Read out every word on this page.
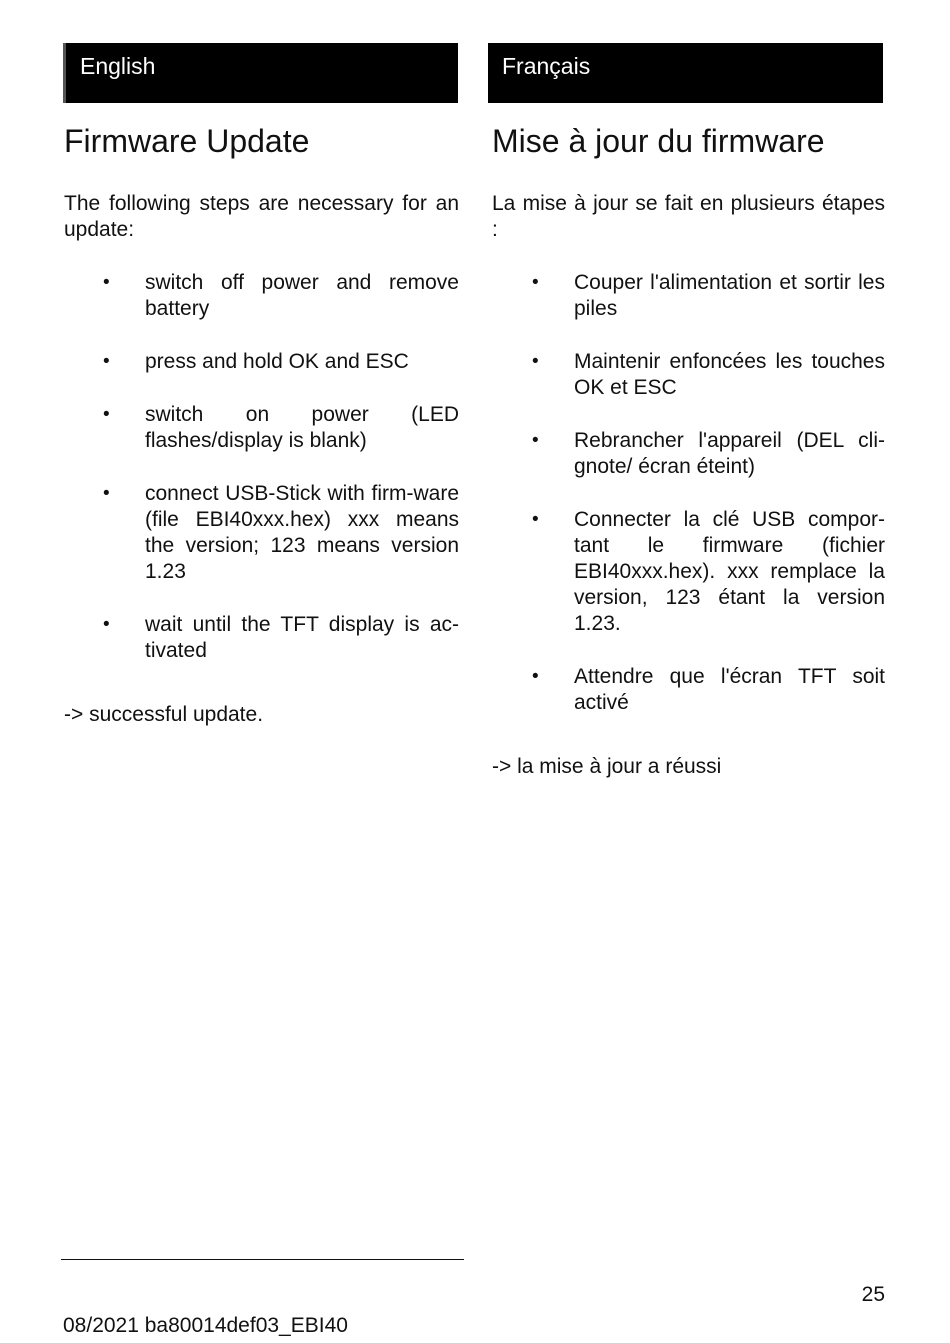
English
Firmware Update

The following steps are necessary for an update:

• switch off power and remove battery
• press and hold OK and ESC
• switch on power (LED flashes/display is blank)
• connect USB-Stick with firm-ware (file EBI40xxx.hex) xxx means the version; 123 means version 1.23
• wait until the TFT display is ac-tivated

-> successful update.

Français
Mise à jour du firmware

La mise à jour se fait en plusieurs étapes :

• Couper l'alimentation et sortir les piles
• Maintenir enfoncées les touches OK et ESC
• Rebrancher l'appareil (DEL cli-gnote/ écran éteint)
• Connecter la clé USB compor-tant le firmware (fichier EBI40xxx.hex). xxx remplace la version, 123 étant la version 1.23.
• Attendre que l'écran TFT soit activé

-> la mise à jour a réussi

25
08/2021 ba80014def03_EBI40
